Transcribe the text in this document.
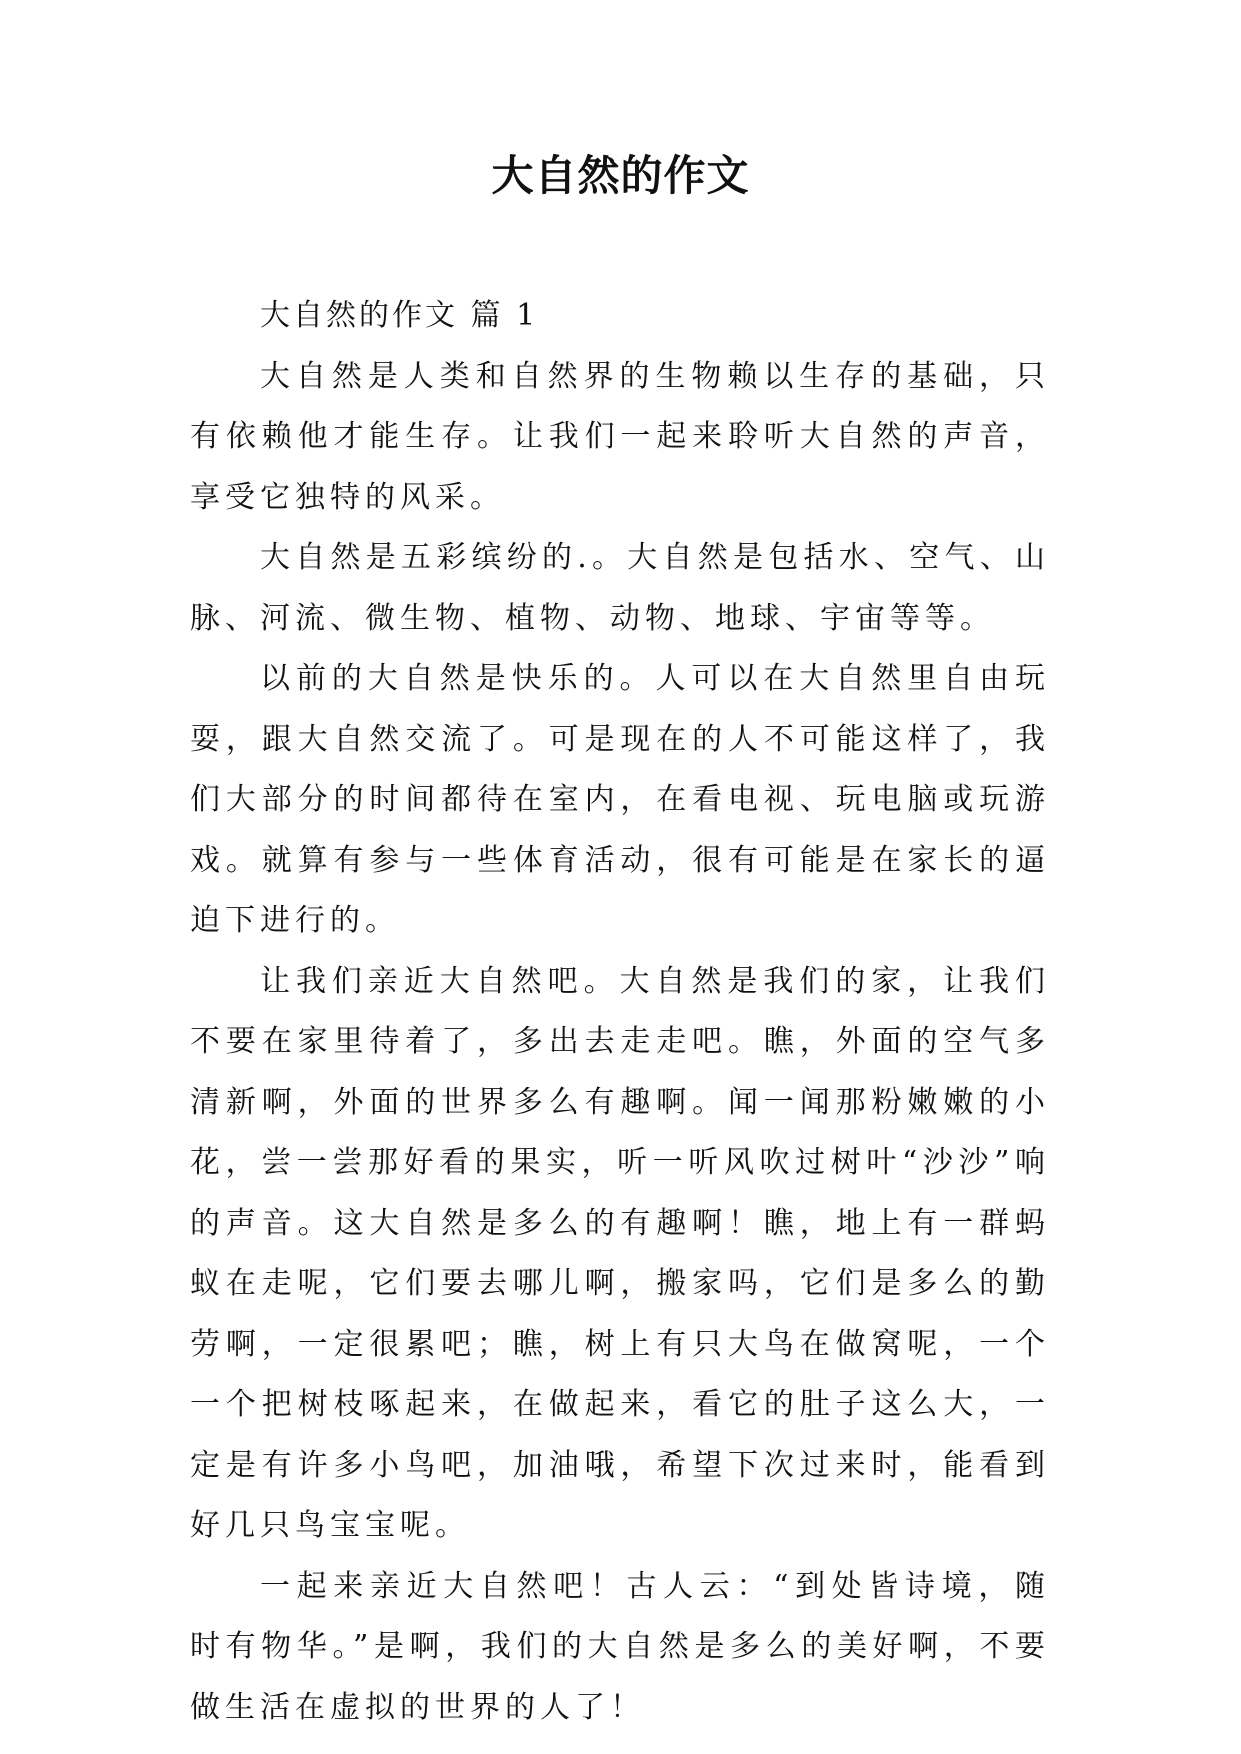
大自然的作文

大自然的作文 篇 1

大自然是人类和自然界的生物赖以生存的基础，只有依赖他才能生存。让我们一起来聆听大自然的声音，享受它独特的风采。

大自然是五彩缤纷的.。大自然是包括水、空气、山脉、河流、微生物、植物、动物、地球、宇宙等等。

以前的大自然是快乐的。人可以在大自然里自由玩耍，跟大自然交流了。可是现在的人不可能这样了，我们大部分的时间都待在室内，在看电视、玩电脑或玩游戏。就算有参与一些体育活动，很有可能是在家长的逼迫下进行的。

让我们亲近大自然吧。大自然是我们的家，让我们不要在家里待着了，多出去走走吧。瞧，外面的空气多清新啊，外面的世界多么有趣啊。闻一闻那粉嫩嫩的小花，尝一尝那好看的果实，听一听风吹过树叶“沙沙”响的声音。这大自然是多么的有趣啊！瞧，地上有一群蚂蚁在走呢，它们要去哪儿啊，搬家吗，它们是多么的勤劳啊，一定很累吧；瞧，树上有只大鸟在做窝呢，一个一个把树枝啄起来，在做起来，看它的肚子这么大，一定是有许多小鸟吧，加油哦，希望下次过来时，能看到好几只鸟宝宝呢。

一起来亲近大自然吧！古人云：“到处皆诗境，随时有物华。”是啊，我们的大自然是多么的美好啊，不要做生活在虚拟的世界的人了！
